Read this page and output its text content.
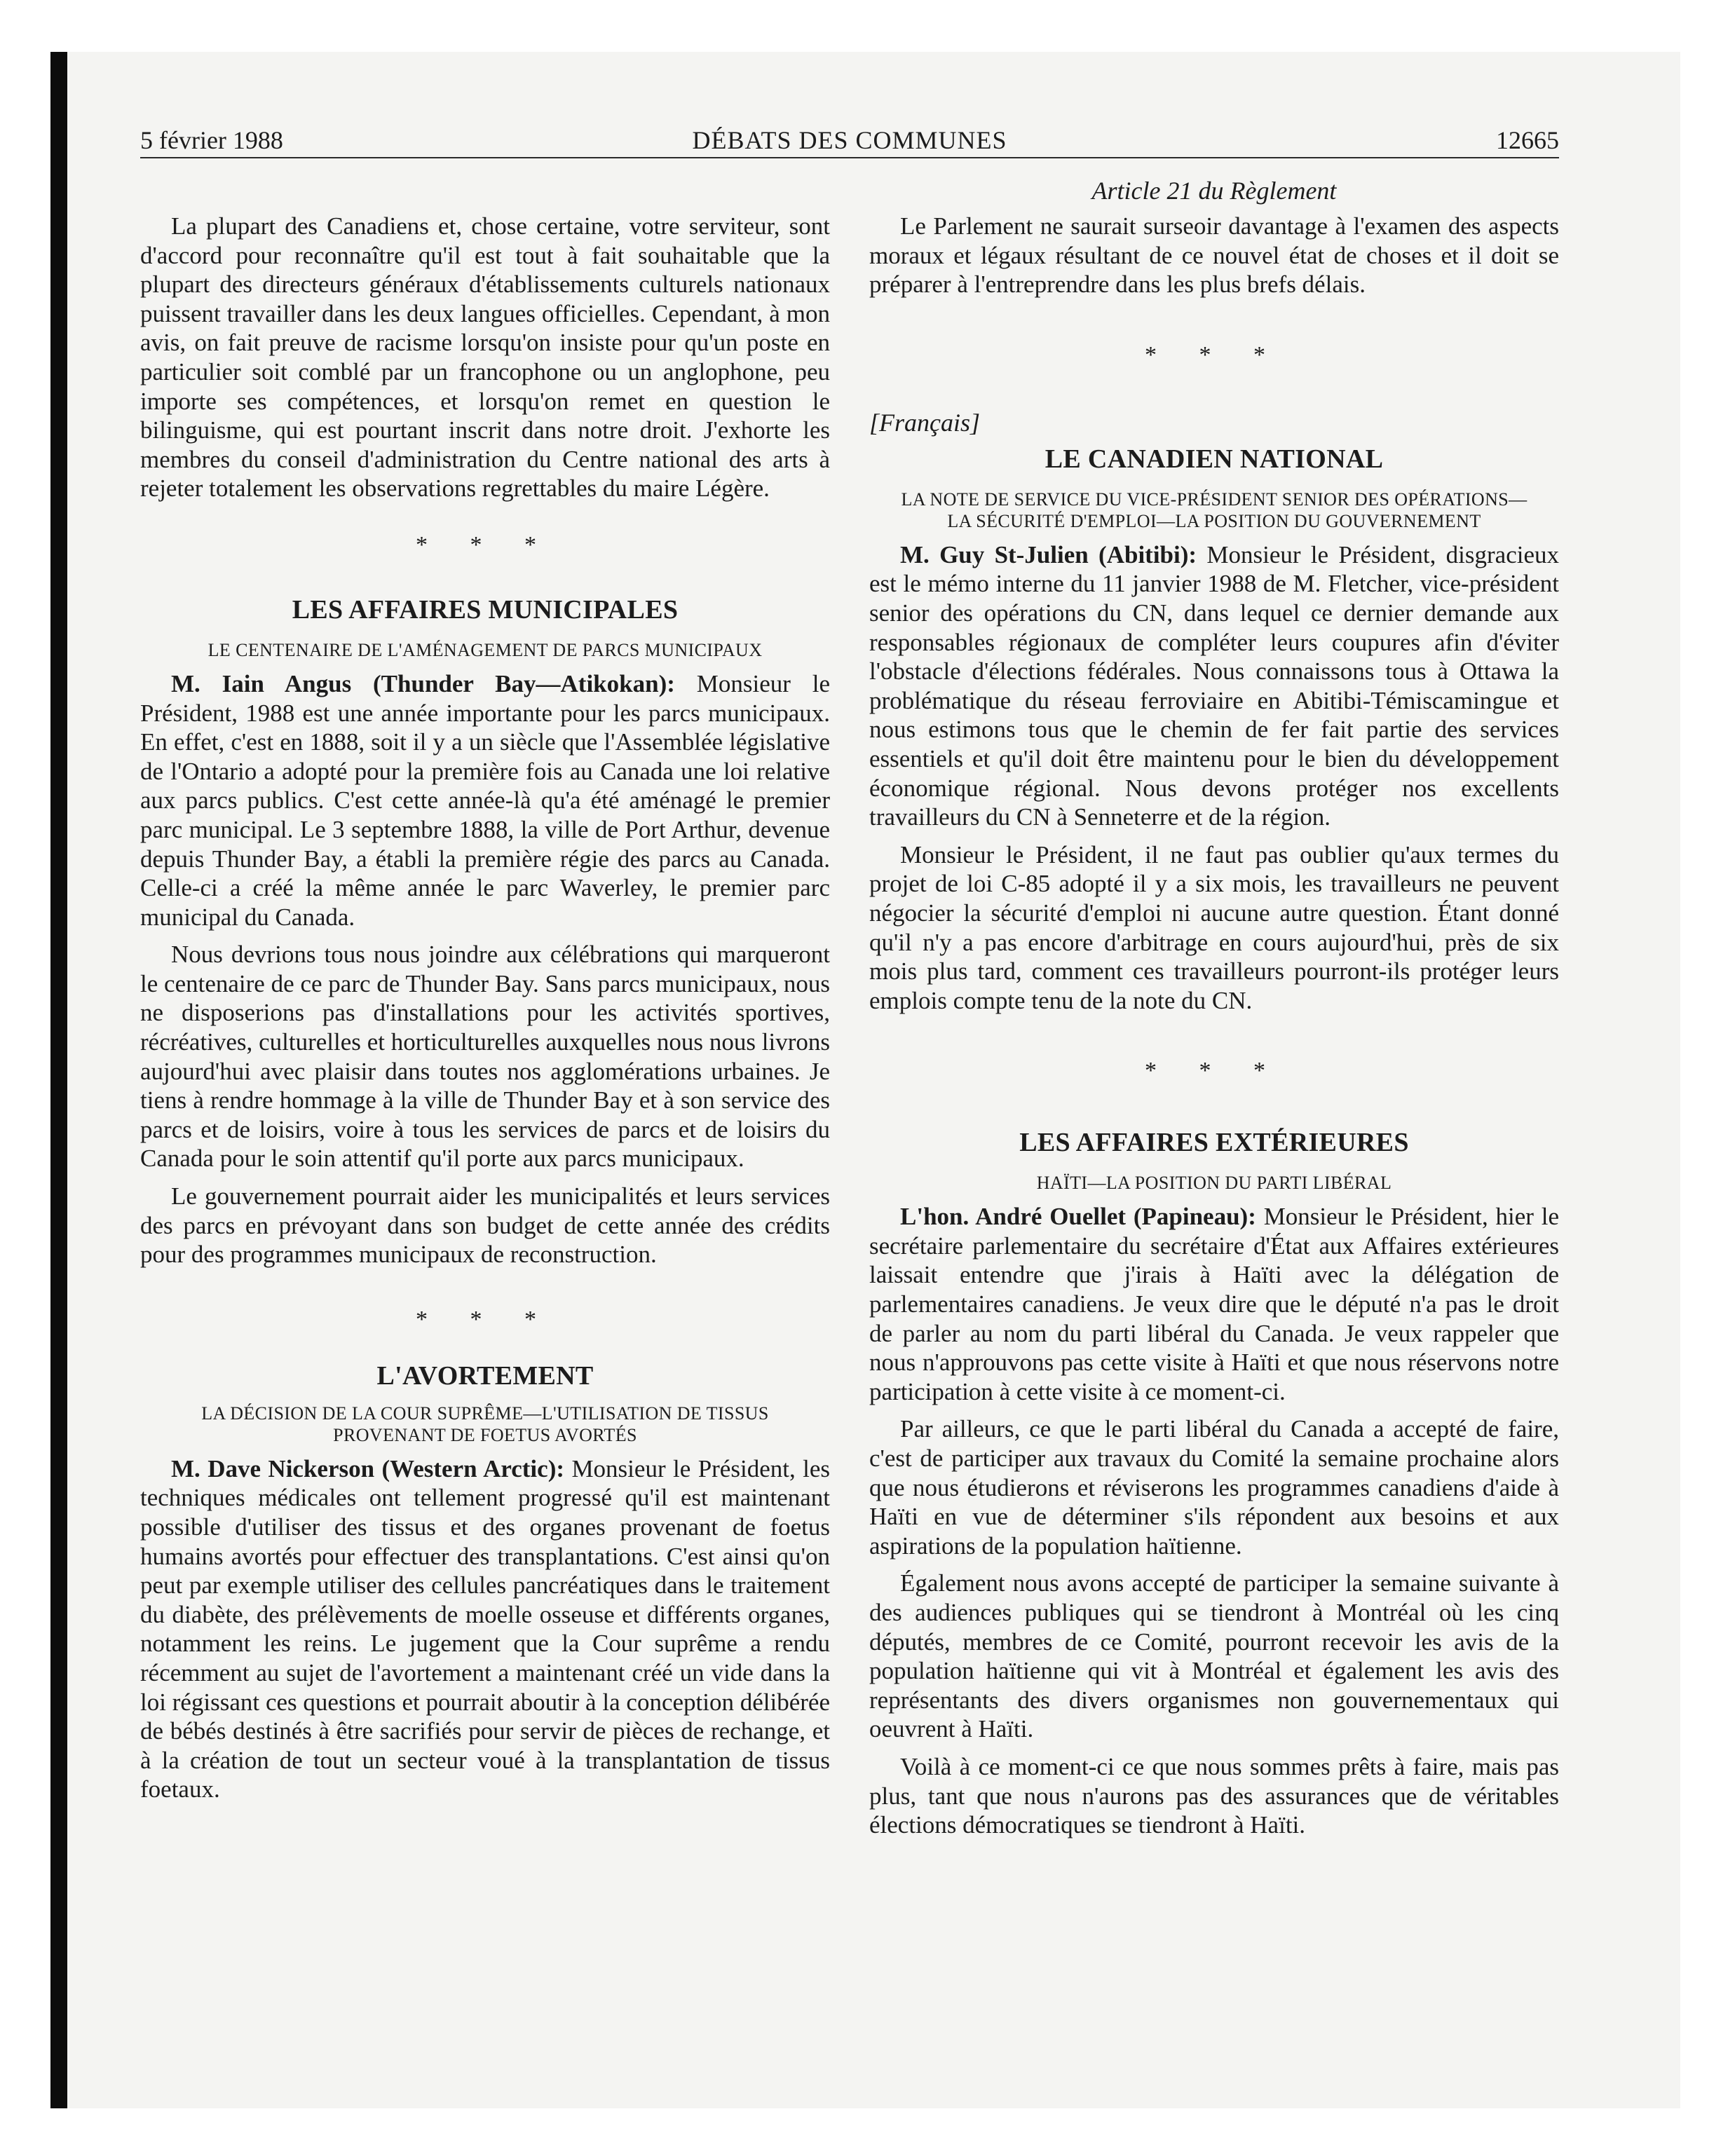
5 février 1988	DÉBATS DES COMMUNES	12665
Article 21 du Règlement

La plupart des Canadiens et, chose certaine, votre serviteur, sont d'accord pour reconnaître qu'il est tout à fait souhaitable que la plupart des directeurs généraux d'établissements culturels nationaux puissent travailler dans les deux langues officielles. Cependant, à mon avis, on fait preuve de racisme lorsqu'on insiste pour qu'un poste en particulier soit comblé par un francophone ou un anglophone, peu importe ses compétences, et lorsqu'on remet en question le bilinguisme, qui est pourtant inscrit dans notre droit. J'exhorte les membres du conseil d'administration du Centre national des arts à rejeter totalement les observations regrettables du maire Légère.

* * *
LES AFFAIRES MUNICIPALES
LE CENTENAIRE DE L'AMÉNAGEMENT DE PARCS MUNICIPAUX

M. Iain Angus (Thunder Bay—Atikokan): Monsieur le Président, 1988 est une année importante pour les parcs municipaux. En effet, c'est en 1888, soit il y a un siècle que l'Assemblée législative de l'Ontario a adopté pour la première fois au Canada une loi relative aux parcs publics. C'est cette année-là qu'a été aménagé le premier parc municipal. Le 3 septembre 1888, la ville de Port Arthur, devenue depuis Thunder Bay, a établi la première régie des parcs au Canada. Celle-ci a créé la même année le parc Waverley, le premier parc municipal du Canada.

Nous devrions tous nous joindre aux célébrations qui marqueront le centenaire de ce parc de Thunder Bay. Sans parcs municipaux, nous ne disposerions pas d'installations pour les activités sportives, récréatives, culturelles et horticulturelles auxquelles nous nous livrons aujourd'hui avec plaisir dans toutes nos agglomérations urbaines. Je tiens à rendre hommage à la ville de Thunder Bay et à son service des parcs et de loisirs, voire à tous les services de parcs et de loisirs du Canada pour le soin attentif qu'il porte aux parcs municipaux.

Le gouvernement pourrait aider les municipalités et leurs services des parcs en prévoyant dans son budget de cette année des crédits pour des programmes municipaux de reconstruction.

* * *
L'AVORTEMENT
LA DÉCISION DE LA COUR SUPRÊME—L'UTILISATION DE TISSUS PROVENANT DE FOETUS AVORTÉS

M. Dave Nickerson (Western Arctic): Monsieur le Président, les techniques médicales ont tellement progressé qu'il est maintenant possible d'utiliser des tissus et des organes provenant de foetus humains avortés pour effectuer des transplantations. C'est ainsi qu'on peut par exemple utiliser des cellules pancréatiques dans le traitement du diabète, des prélèvements de moelle osseuse et différents organes, notamment les reins. Le jugement que la Cour suprême a rendu récemment au sujet de l'avortement a maintenant créé un vide dans la loi régissant ces questions et pourrait aboutir à la conception délibérée de bébés destinés à être sacrifiés pour servir de pièces de rechange, et à la création de tout un secteur voué à la transplantation de tissus foetaux.

Le Parlement ne saurait surseoir davantage à l'examen des aspects moraux et légaux résultant de ce nouvel état de choses et il doit se préparer à l'entreprendre dans les plus brefs délais.

* * *
[Français]
LE CANADIEN NATIONAL
LA NOTE DE SERVICE DU VICE-PRÉSIDENT SENIOR DES OPÉRATIONS—LA SÉCURITÉ D'EMPLOI—LA POSITION DU GOUVERNEMENT

M. Guy St-Julien (Abitibi): Monsieur le Président, disgracieux est le mémo interne du 11 janvier 1988 de M. Fletcher, vice-président senior des opérations du CN, dans lequel ce dernier demande aux responsables régionaux de compléter leurs coupures afin d'éviter l'obstacle d'élections fédérales. Nous connaissons tous à Ottawa la problématique du réseau ferroviaire en Abitibi-Témiscamingue et nous estimons tous que le chemin de fer fait partie des services essentiels et qu'il doit être maintenu pour le bien du développement économique régional. Nous devons protéger nos excellents travailleurs du CN à Senneterre et de la région.

Monsieur le Président, il ne faut pas oublier qu'aux termes du projet de loi C-85 adopté il y a six mois, les travailleurs ne peuvent négocier la sécurité d'emploi ni aucune autre question. Étant donné qu'il n'y a pas encore d'arbitrage en cours aujourd'hui, près de six mois plus tard, comment ces travailleurs pourront-ils protéger leurs emplois compte tenu de la note du CN.

* * *
LES AFFAIRES EXTÉRIEURES
HAÏTI—LA POSITION DU PARTI LIBÉRAL

L'hon. André Ouellet (Papineau): Monsieur le Président, hier le secrétaire parlementaire du secrétaire d'État aux Affaires extérieures laissait entendre que j'irais à Haïti avec la délégation de parlementaires canadiens. Je veux dire que le député n'a pas le droit de parler au nom du parti libéral du Canada. Je veux rappeler que nous n'approuvons pas cette visite à Haïti et que nous réservons notre participation à cette visite à ce moment-ci.

Par ailleurs, ce que le parti libéral du Canada a accepté de faire, c'est de participer aux travaux du Comité la semaine prochaine alors que nous étudierons et réviserons les programmes canadiens d'aide à Haïti en vue de déterminer s'ils répondent aux besoins et aux aspirations de la population haïtienne.

Également nous avons accepté de participer la semaine suivante à des audiences publiques qui se tiendront à Montréal où les cinq députés, membres de ce Comité, pourront recevoir les avis de la population haïtienne qui vit à Montréal et également les avis des représentants des divers organismes non gouvernementaux qui oeuvrent à Haïti.

Voilà à ce moment-ci ce que nous sommes prêts à faire, mais pas plus, tant que nous n'aurons pas des assurances que de véritables élections démocratiques se tiendront à Haïti.
